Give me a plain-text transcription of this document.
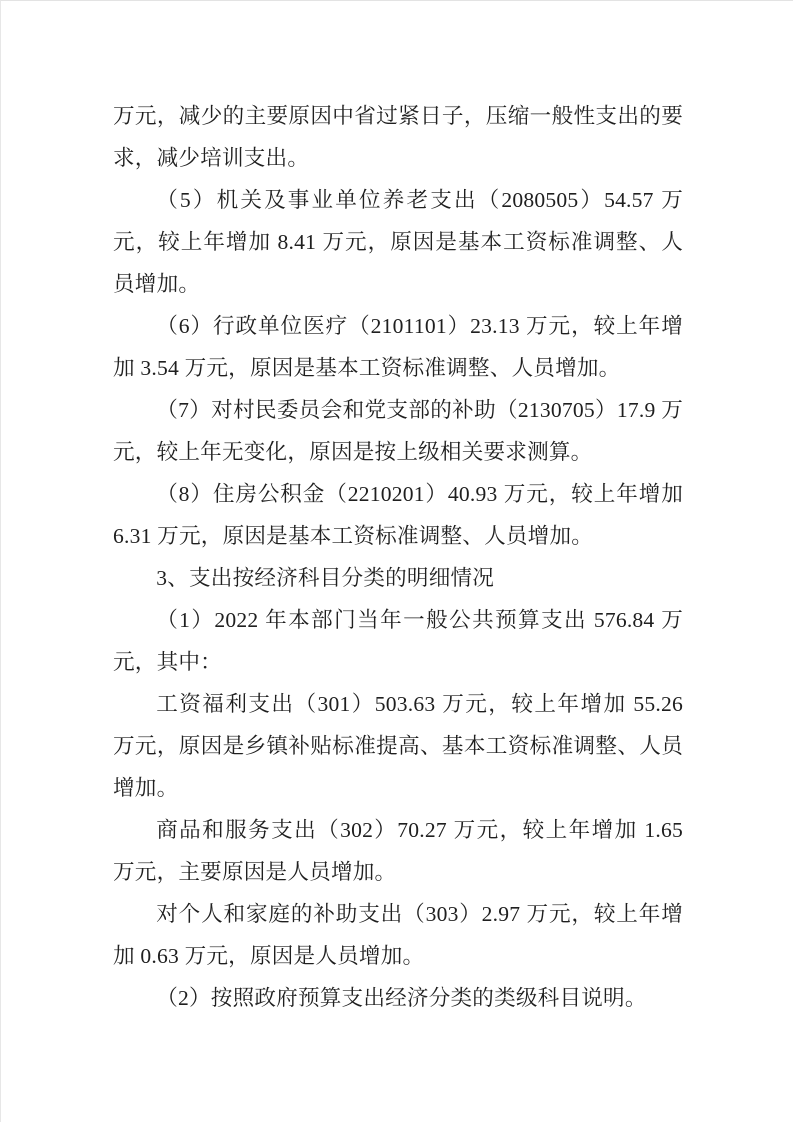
万元，减少的主要原因中省过紧日子，压缩一般性支出的要求，减少培训支出。

（5）机关及事业单位养老支出（2080505）54.57 万元，较上年增加 8.41 万元，原因是基本工资标准调整、人员增加。

（6）行政单位医疗（2101101）23.13 万元，较上年增加 3.54 万元，原因是基本工资标准调整、人员增加。

（7）对村民委员会和党支部的补助（2130705）17.9 万元，较上年无变化，原因是按上级相关要求测算。

（8）住房公积金（2210201）40.93 万元，较上年增加 6.31 万元，原因是基本工资标准调整、人员增加。

3、支出按经济科目分类的明细情况

（1）2022 年本部门当年一般公共预算支出 576.84 万元，其中：

工资福利支出（301）503.63 万元，较上年增加 55.26 万元，原因是乡镇补贴标准提高、基本工资标准调整、人员增加。

商品和服务支出（302）70.27 万元，较上年增加 1.65 万元，主要原因是人员增加。

对个人和家庭的补助支出（303）2.97 万元，较上年增加 0.63 万元，原因是人员增加。

（2）按照政府预算支出经济分类的类级科目说明。
